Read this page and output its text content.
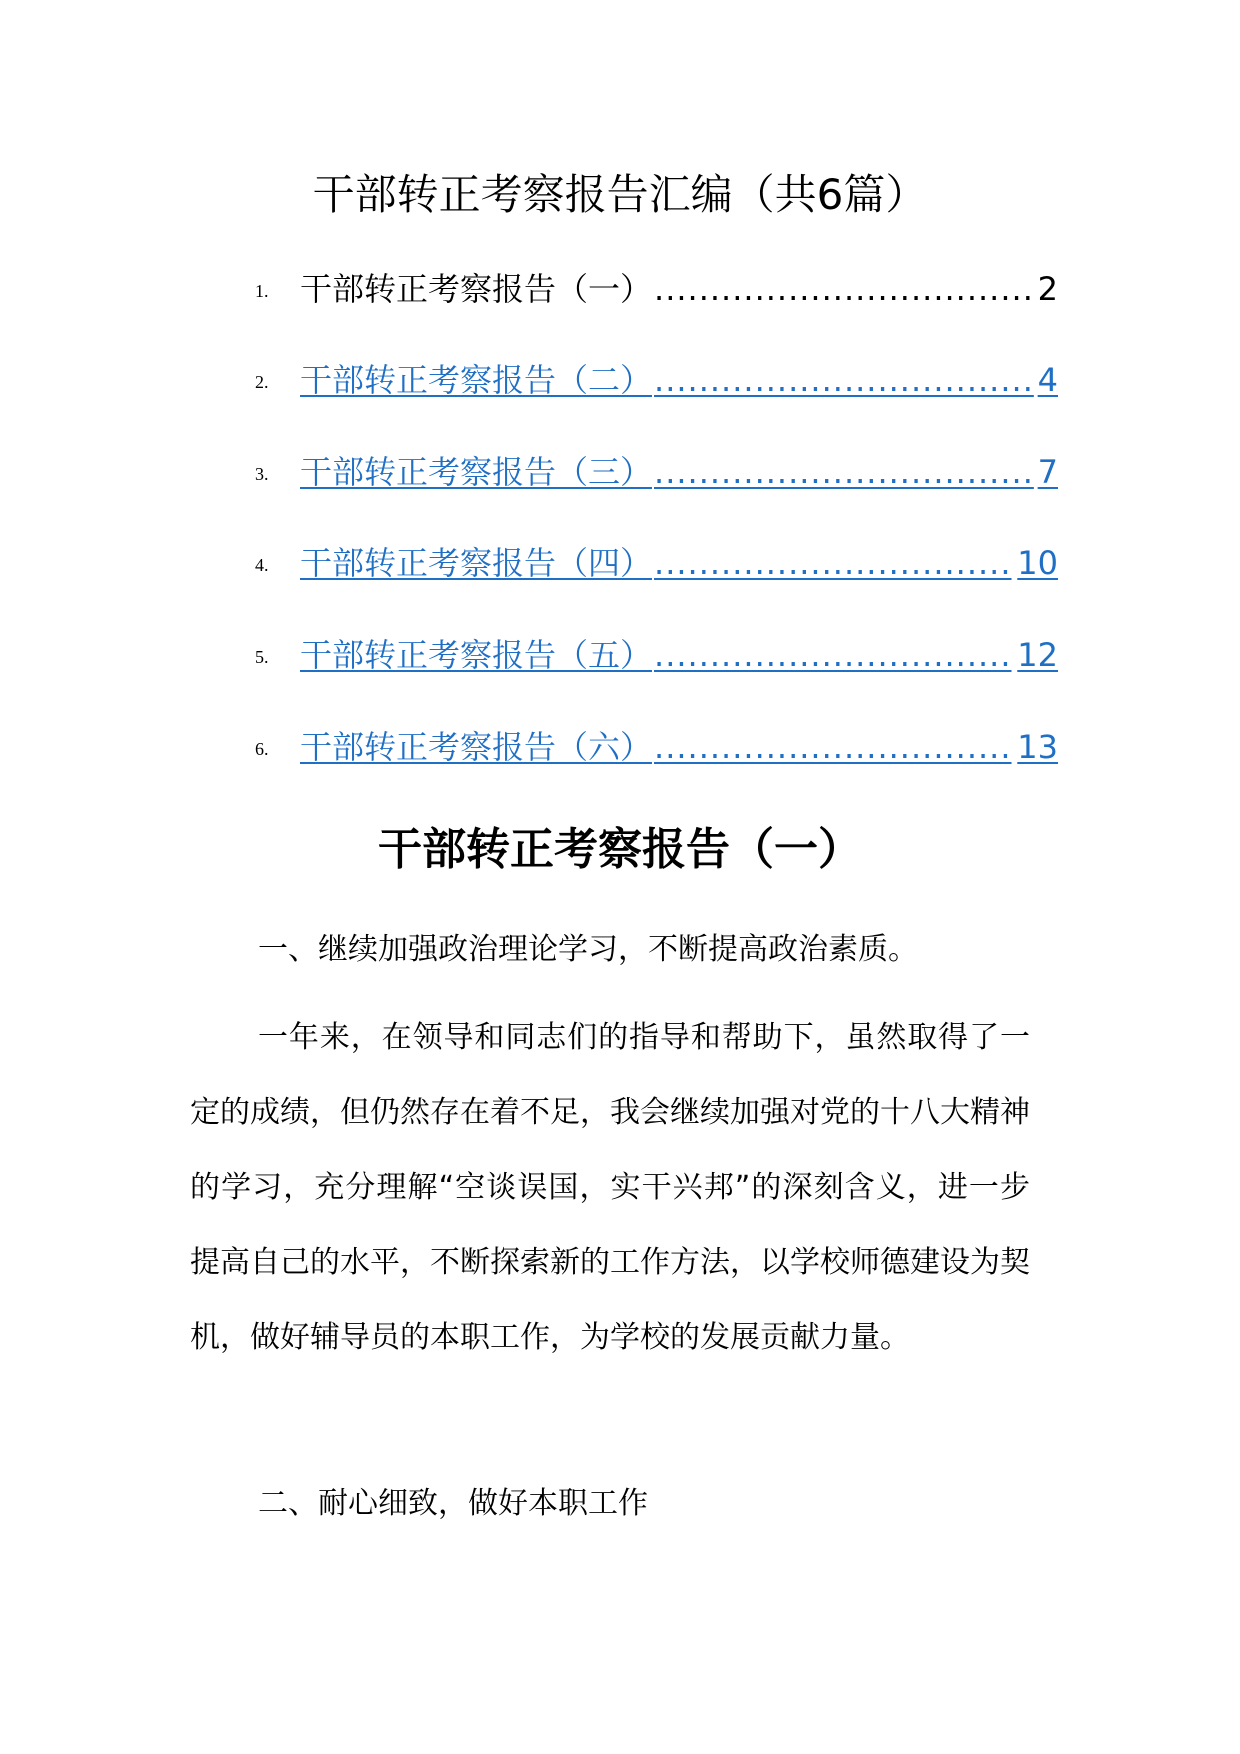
干部转正考察报告汇编（共6篇）
1. 干部转正考察报告（一） .................................. 2
2. 干部转正考察报告（二） .................................. 4
3. 干部转正考察报告（三） .................................. 7
4. 干部转正考察报告（四） ................................ 10
5. 干部转正考察报告（五） ................................ 12
6. 干部转正考察报告（六） ................................ 13
干部转正考察报告（一）

一、继续加强政治理论学习，不断提高政治素质。

一年来，在领导和同志们的指导和帮助下，虽然取得了一定的成绩，但仍然存在着不足，我会继续加强对党的十八大精神的学习，充分理解“空谈误国，实干兴邦”的深刻含义，进一步提高自己的水平，不断探索新的工作方法，以学校师德建设为契机，做好辅导员的本职工作，为学校的发展贡献力量。

二、耐心细致，做好本职工作
